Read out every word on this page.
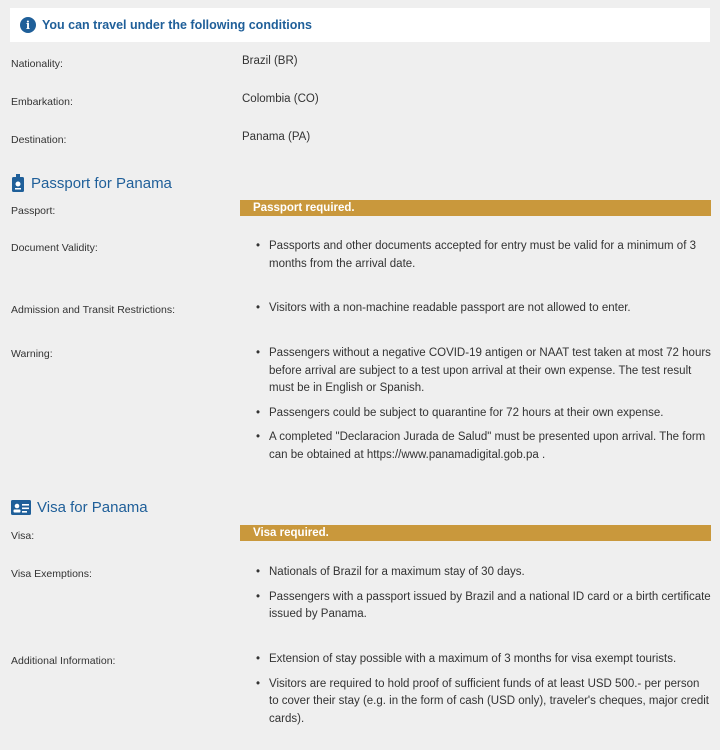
i You can travel under the following conditions
Nationality:	Brazil (BR)
Embarkation:	Colombia (CO)
Destination:	Panama (PA)
Passport for Panama
Passport:	Passport required.
Document Validity:	• Passports and other documents accepted for entry must be valid for a minimum of 3 months from the arrival date.
Admission and Transit Restrictions:	• Visitors with a non-machine readable passport are not allowed to enter.
Warning:	• Passengers without a negative COVID-19 antigen or NAAT test taken at most 72 hours before arrival are subject to a test upon arrival at their own expense. The test result must be in English or Spanish.
• Passengers could be subject to quarantine for 72 hours at their own expense.
• A completed "Declaracion Jurada de Salud" must be presented upon arrival. The form can be obtained at https://www.panamadigital.gob.pa .
Visa for Panama
Visa:	Visa required.
Visa Exemptions:	• Nationals of Brazil for a maximum stay of 30 days.
• Passengers with a passport issued by Brazil and a national ID card or a birth certificate issued by Panama.
Additional Information:	• Extension of stay possible with a maximum of 3 months for visa exempt tourists.
• Visitors are required to hold proof of sufficient funds of at least USD 500.- per person to cover their stay (e.g. in the form of cash (USD only), traveler's cheques, major credit cards).
